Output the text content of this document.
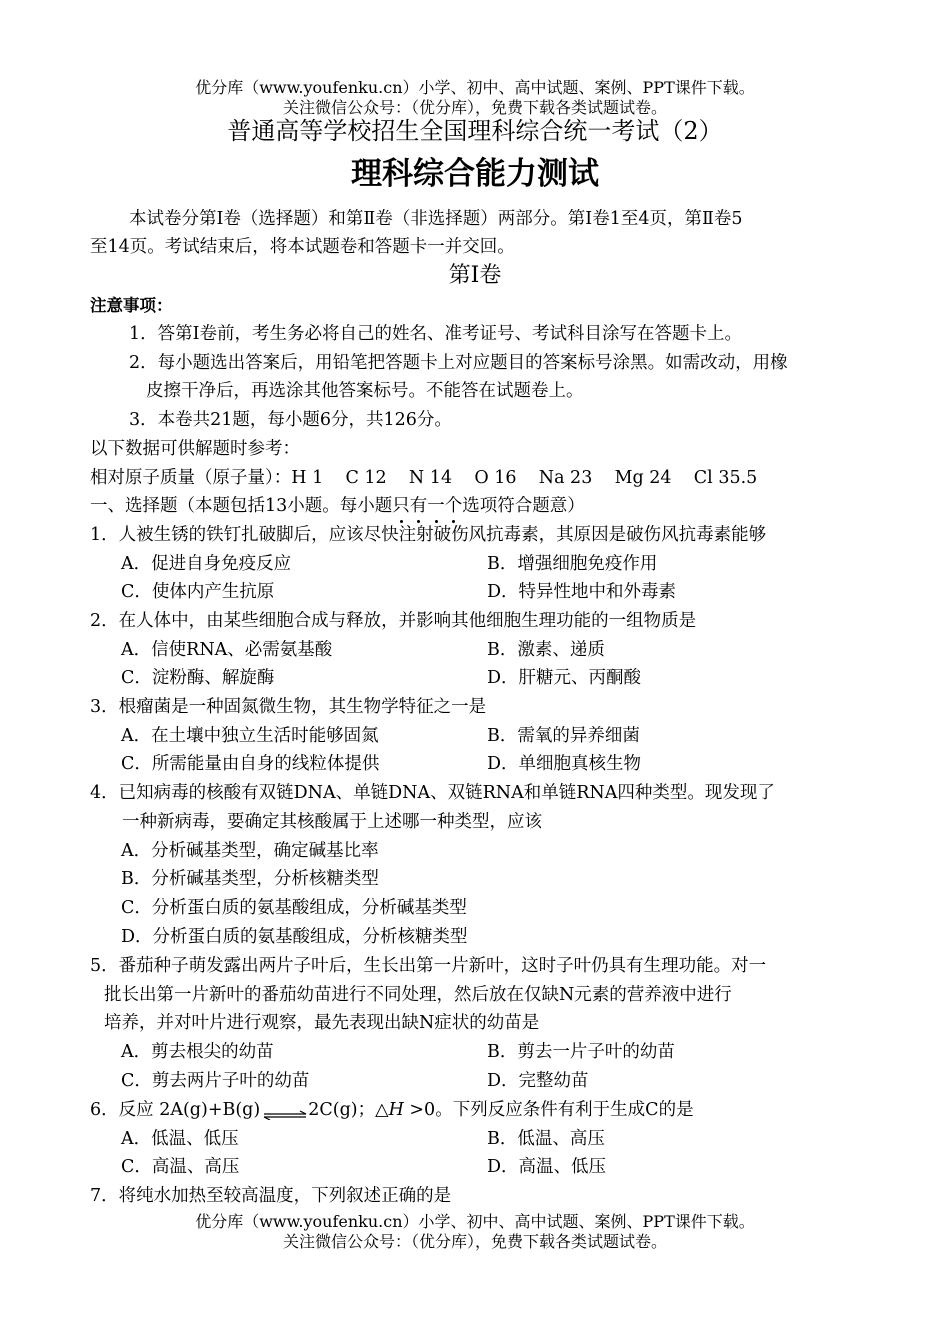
优分库（www.youfenku.cn）小学、初中、高中试题、案例、PPT课件下载。
关注微信公众号：（优分库），免费下载各类试题试卷。
普通高等学校招生全国理科综合统一考试（2）
理科综合能力测试
本试卷分第Ⅰ卷（选择题）和第Ⅱ卷（非选择题）两部分。第Ⅰ卷1至4页，第Ⅱ卷5
至14页。考试结束后，将本试题卷和答题卡一并交回。
第I卷
注意事项：
1．答第I卷前，考生务必将自己的姓名、准考证号、考试科目涂写在答题卡上。
2．每小题选出答案后，用铅笔把答题卡上对应题目的答案标号涂黑。如需改动，用橡
皮擦干净后，再选涂其他答案标号。不能答在试题卷上。
3．本卷共21题，每小题6分，共126分。
以下数据可供解题时参考：
相对原子质量（原子量）：H 1    C 12    N 14    O 16    Na 23    Mg 24    Cl 35.5
一、选择题（本题包括13小题。每小题只有一个选项符合题意）
1．人被生锈的铁钉扎破脚后，应该尽快注射破伤风抗毒素，其原因是破伤风抗毒素能够
A．促进自身免疫反应	B．增强细胞免疫作用
C．使体内产生抗原	D．特异性地中和外毒素
2．在人体中，由某些细胞合成与释放，并影响其他细胞生理功能的一组物质是
A．信使RNA、必需氨基酸	B．激素、递质
C．淀粉酶、解旋酶	D．肝糖元、丙酮酸
3．根瘤菌是一种固氮微生物，其生物学特征之一是
A．在土壤中独立生活时能够固氮	B．需氧的异养细菌
C．所需能量由自身的线粒体提供	D．单细胞真核生物
4．已知病毒的核酸有双链DNA、单链DNA、双链RNA和单链RNA四种类型。现发现了
一种新病毒，要确定其核酸属于上述哪一种类型，应该
A．分析碱基类型，确定碱基比率
B．分析碱基类型，分析核糖类型
C．分析蛋白质的氨基酸组成，分析碱基类型
D．分析蛋白质的氨基酸组成，分析核糖类型
5．番茄种子萌发露出两片子叶后，生长出第一片新叶，这时子叶仍具有生理功能。对一
批长出第一片新叶的番茄幼苗进行不同处理，然后放在仅缺N元素的营养液中进行
培养，并对叶片进行观察，最先表现出缺N症状的幼苗是
A．剪去根尖的幼苗	B．剪去一片子叶的幼苗
C．剪去两片子叶的幼苗	D．完整幼苗
6．反应 2A(g)+B(g)⇌2C(g)；△H >0。下列反应条件有利于生成C的是
A．低温、低压	B．低温、高压
C．高温、高压	D．高温、低压
7．将纯水加热至较高温度，下列叙述正确的是
优分库（www.youfenku.cn）小学、初中、高中试题、案例、PPT课件下载。
关注微信公众号：（优分库），免费下载各类试题试卷。
